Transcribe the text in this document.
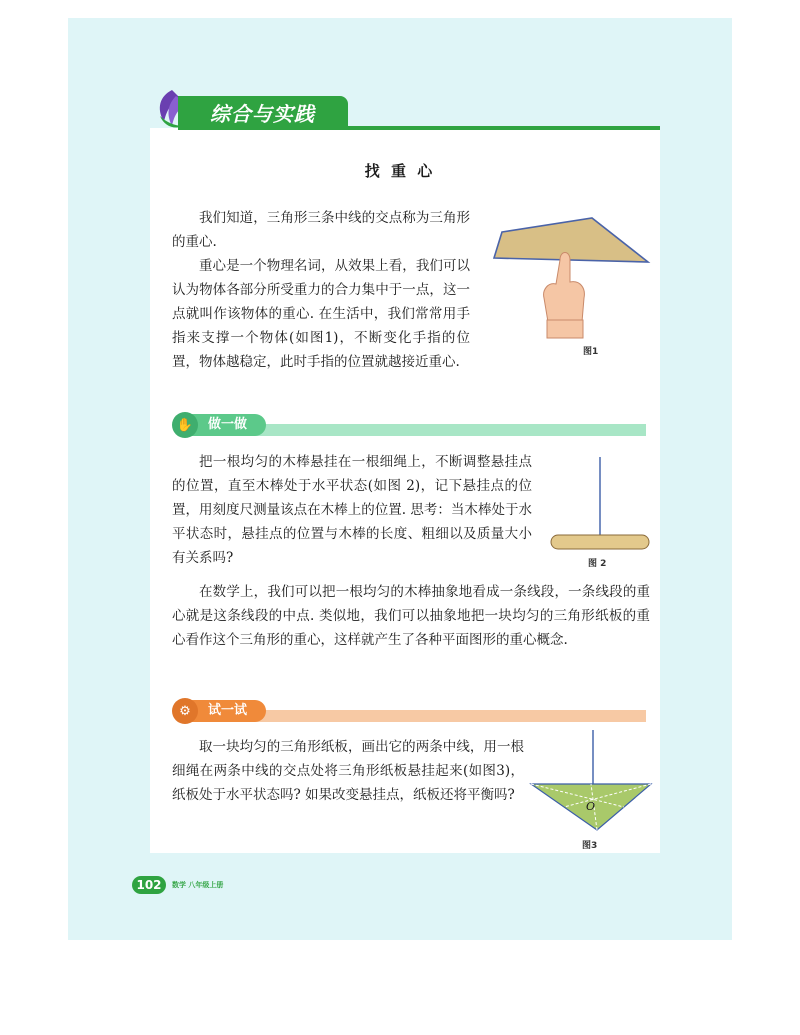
综合与实践
找 重 心

我们知道，三角形三条中线的交点称为三角形的重心.

重心是一个物理名词，从效果上看，我们可以认为物体各部分所受重力的合力集中于一点，这一点就叫作该物体的重心. 在生活中，我们常常用手指来支撑一个物体(如图1)，不断变化手指的位置，物体越稳定，此时手指的位置就越接近重心.

图1
做一做
✋

把一根均匀的木棒悬挂在一根细绳上，不断调整悬挂点的位置，直至木棒处于水平状态(如图 2)，记下悬挂点的位置，用刻度尺测量该点在木棒上的位置. 思考：当木棒处于水平状态时，悬挂点的位置与木棒的长度、粗细以及质量大小有关系吗?	图 2

在数学上，我们可以把一根均匀的木棒抽象地看成一条线段，一条线段的重心就是这条线段的中点. 类似地，我们可以抽象地把一块均匀的三角形纸板的重心看作这个三角形的重心，这样就产生了各种平面图形的重心概念.

试一试
⚙

取一块均匀的三角形纸板，画出它的两条中线，用一根细绳在两条中线的交点处将三角形纸板悬挂起来(如图3)，纸板处于水平状态吗? 如果改变悬挂点，纸板还将平衡吗?

O
图3
102	数学 八年级上册
